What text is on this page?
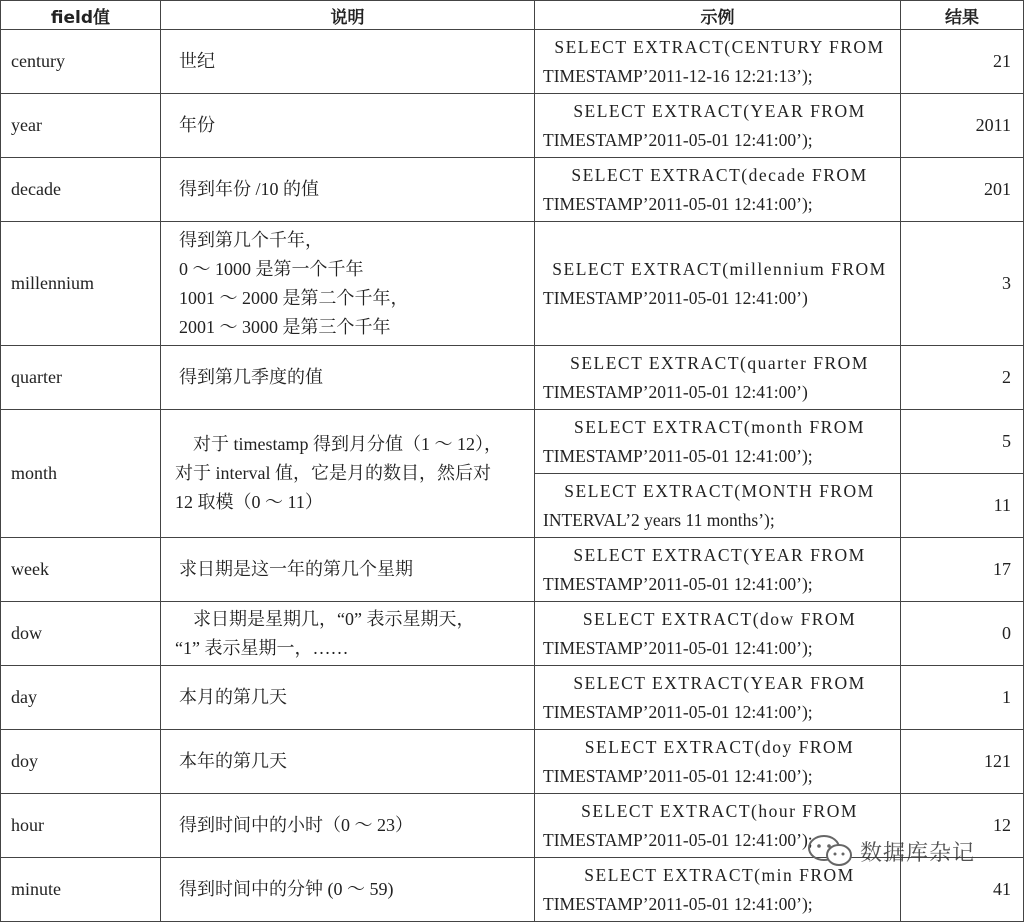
field值	说明	示例	结果
century	世纪	SELECT EXTRACT(CENTURY FROM
TIMESTAMP’2011-12-16 12:21:13’);	21
year	年份	SELECT EXTRACT(YEAR FROM
TIMESTAMP’2011-05-01 12:41:00’);	2011
decade	得到年份 /10 的值	SELECT EXTRACT(decade FROM
TIMESTAMP’2011-05-01 12:41:00’);	201
millennium	得到第几个千年，
0 ～ 1000 是第一个千年
1001 ～ 2000 是第二个千年，
2001 ～ 3000 是第三个千年	SELECT EXTRACT(millennium FROM
TIMESTAMP’2011-05-01 12:41:00’)	3
quarter	得到第几季度的值	SELECT EXTRACT(quarter FROM
TIMESTAMP’2011-05-01 12:41:00’)	2
month	　对于 timestamp 得到月分值（1 ～ 12），
对于 interval 值，它是月的数目，然后对
12 取模（0 ～ 11）	SELECT EXTRACT(month FROM
TIMESTAMP’2011-05-01 12:41:00’);	5

		SELECT EXTRACT(MONTH FROM
INTERVAL’2 years 11 months’);	11
week	求日期是这一年的第几个星期	SELECT EXTRACT(YEAR FROM
TIMESTAMP’2011-05-01 12:41:00’);	17
dow	　求日期是星期几，“0” 表示星期天，
“1” 表示星期一，……	SELECT EXTRACT(dow FROM
TIMESTAMP’2011-05-01 12:41:00’);	0
day	本月的第几天	SELECT EXTRACT(YEAR FROM
TIMESTAMP’2011-05-01 12:41:00’);	1
doy	本年的第几天	SELECT EXTRACT(doy FROM
TIMESTAMP’2011-05-01 12:41:00’);	121
hour	得到时间中的小时（0 ～ 23）	SELECT EXTRACT(hour FROM
TIMESTAMP’2011-05-01 12:41:00’);	12
minute	得到时间中的分钟 (0 ～ 59)	SELECT EXTRACT(min FROM
TIMESTAMP’2011-05-01 12:41:00’);	41
数据库杂记
